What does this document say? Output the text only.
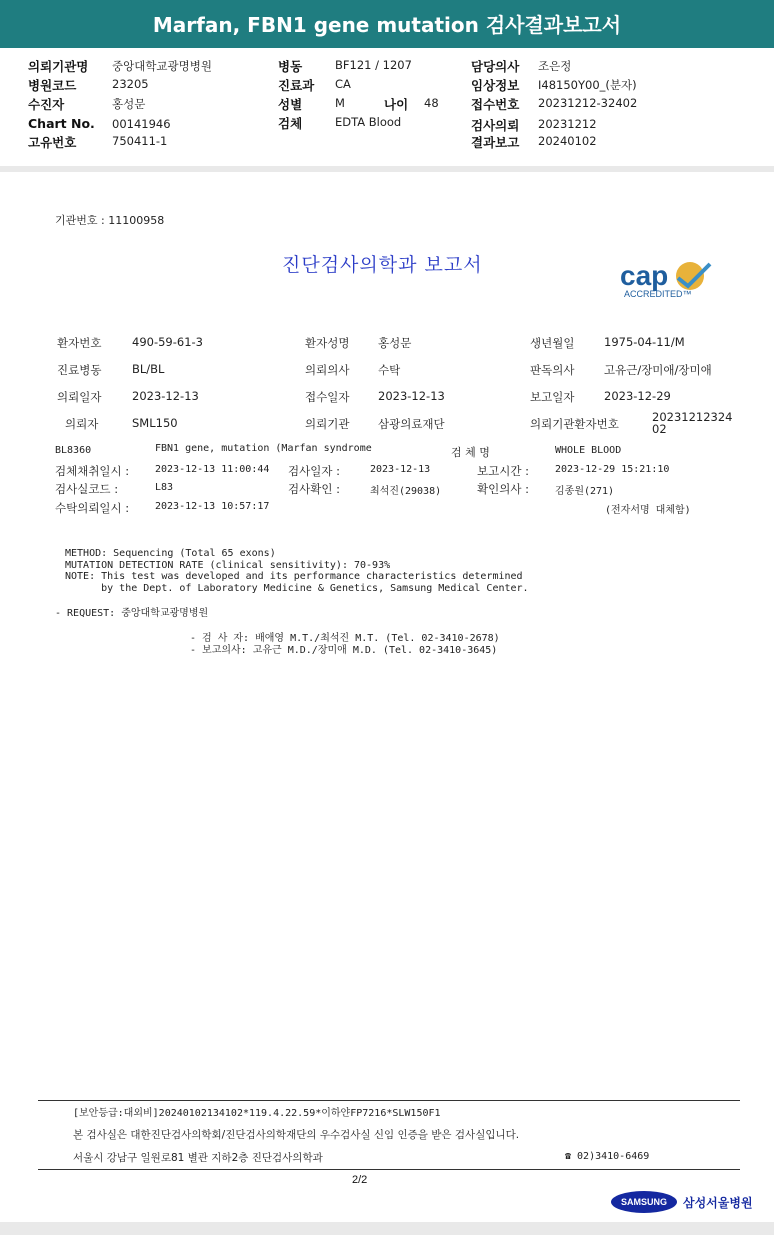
Marfan, FBN1 gene mutation 검사결과보고서
의뢰기관명 중앙대학교광명병원
병원코드	23205
수진자	홍성문
Chart No. 00141946
고유번호	750411-1
병동	BF121 / 1207
진료과 CA
성별	M	나이 48
검체	EDTA Blood
담당의사 조은정
임상정보 I48150Y00_(분자)
접수번호 20231212-32402
검사의뢰 20231212
결과보고 20240102
기관번호 : 11100958
진단검사의학과 보고서	cap
ACCREDITED™
환자번호	490-59-61-3	환자성명 홍성문	생년월일	1975-04-11/M
진료병동	BL/BL	의뢰의사 수탁	판독의사	고유근/장미애/장미애
의뢰일자	2023-12-13	접수일자 2023-12-13	보고일자	2023-12-29
의뢰자	SML150	의뢰기관 삼광의료재단	의뢰기관환자번호	2023121232402
BL8360	FBN1 gene, mutation (Marfan syndrome	검 체 명	WHOLE BLOOD
검체채취일시 :	2023-12-13 11:00:44 검사일자 :	2023-12-13	보고시간 :	2023-12-29 15:21:10
검사실코드 :	L83	검사확인 :	최석진(29038)	확인의사 :	김종원(271)
수탁의뢰일시 :	2023-12-13 10:57:17	(전자서명 대체함)
METHOD: Sequencing (Total 65 exons)
MUTATION DETECTION RATE (clinical sensitivity): 70-93%
NOTE: This test was developed and its performance characteristics determined
by the Dept. of Laboratory Medicine & Genetics, Samsung Medical Center.
- REQUEST: 중앙대학교광명병원
- 검 사 자: 배애영 M.T./최석진 M.T. (Tel. 02-3410-2678)
- 보고의사: 고유근 M.D./장미애 M.D. (Tel. 02-3410-3645)
[보안등급:대외비]20240102134102*119.4.22.59*이하얀FP7216*SLW150F1
본 검사실은 대한진단검사의학회/진단검사의학재단의 우수검사실 신임 인증을 받은 검사실입니다.
서울시 강남구 일원로81 별관 지하2층 진단검사의학과	☎ 02)3410-6469
2/2
SAMSUNG	삼성서울병원
